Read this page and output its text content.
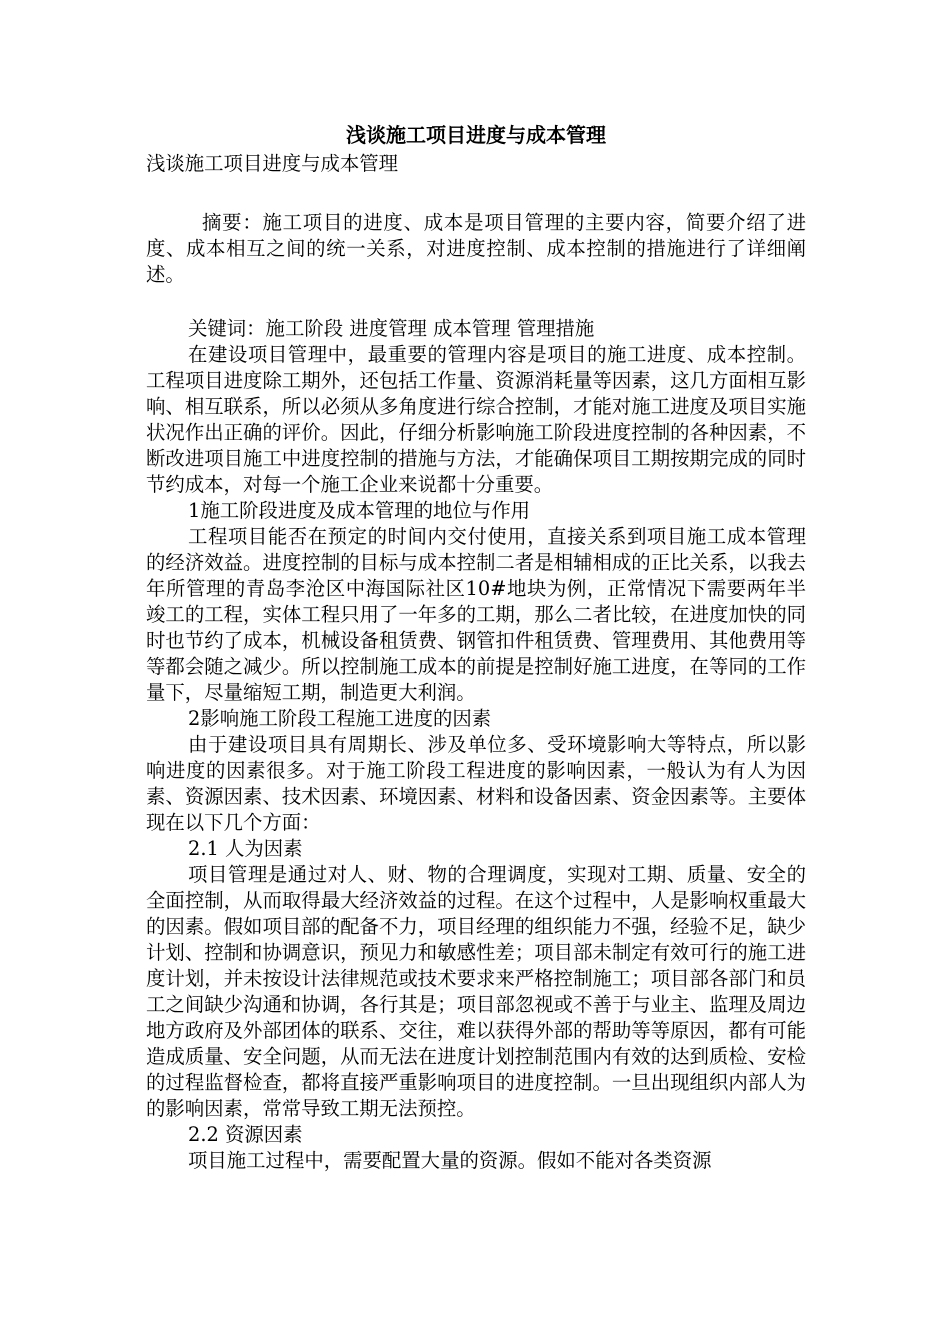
浅谈施工项目进度与成本管理

浅谈施工项目进度与成本管理

摘要：施工项目的进度、成本是项目管理的主要内容，简要介绍了进度、成本相互之间的统一关系，对进度控制、成本控制的措施进行了详细阐述。

关键词：施工阶段 进度管理 成本管理 管理措施

在建设项目管理中，最重要的管理内容是项目的施工进度、成本控制。工程项目进度除工期外，还包括工作量、资源消耗量等因素，这几方面相互影响、相互联系，所以必须从多角度进行综合控制，才能对施工进度及项目实施状况作出正确的评价。因此，仔细分析影响施工阶段进度控制的各种因素，不断改进项目施工中进度控制的措施与方法，才能确保项目工期按期完成的同时节约成本，对每一个施工企业来说都十分重要。

1施工阶段进度及成本管理的地位与作用

工程项目能否在预定的时间内交付使用，直接关系到项目施工成本管理的经济效益。进度控制的目标与成本控制二者是相辅相成的正比关系，以我去年所管理的青岛李沧区中海国际社区10#地块为例，正常情况下需要两年半竣工的工程，实体工程只用了一年多的工期，那么二者比较，在进度加快的同时也节约了成本，机械设备租赁费、钢管扣件租赁费、管理费用、其他费用等等都会随之减少。所以控制施工成本的前提是控制好施工进度，在等同的工作量下，尽量缩短工期，制造更大利润。

2影响施工阶段工程施工进度的因素

由于建设项目具有周期长、涉及单位多、受环境影响大等特点，所以影响进度的因素很多。对于施工阶段工程进度的影响因素，一般认为有人为因素、资源因素、技术因素、环境因素、材料和设备因素、资金因素等。主要体现在以下几个方面：

2.1 人为因素

项目管理是通过对人、财、物的合理调度，实现对工期、质量、安全的全面控制，从而取得最大经济效益的过程。在这个过程中，人是影响权重最大的因素。假如项目部的配备不力，项目经理的组织能力不强，经验不足，缺少计划、控制和协调意识，预见力和敏感性差；项目部未制定有效可行的施工进度计划，并未按设计法律规范或技术要求来严格控制施工；项目部各部门和员工之间缺少沟通和协调，各行其是；项目部忽视或不善于与业主、监理及周边地方政府及外部团体的联系、交往，难以获得外部的帮助等等原因，都有可能造成质量、安全问题，从而无法在进度计划控制范围内有效的达到质检、安检的过程监督检查，都将直接严重影响项目的进度控制。一旦出现组织内部人为的影响因素，常常导致工期无法预控。

2.2 资源因素

项目施工过程中，需要配置大量的资源。假如不能对各类资源
